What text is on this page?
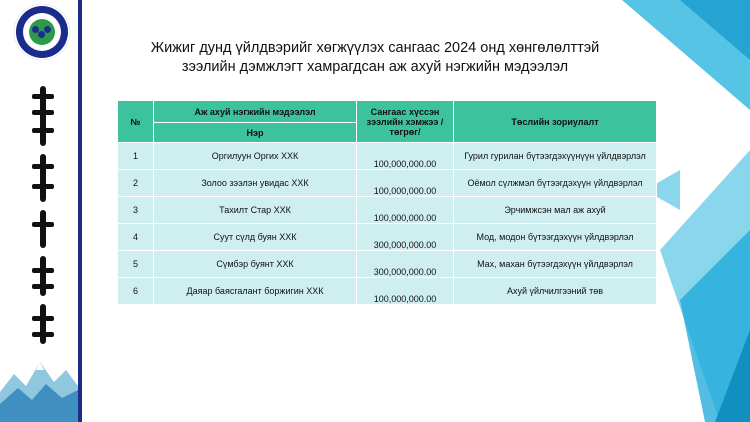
Жижиг дунд үйлдвэрийг хөгжүүлэх сангаас 2024 онд хөнгөлөлттэй
зээлийн дэмжлэгт хамрагдсан аж ахуй нэгжийн мэдээлэл
№	Аж ахуй нэгжийн мэдээлэл	Сангаас хүссэн зээлийн хэмжээ /төгрөг/	Төслийн зориулалт
	Нэр		
1	Оргилуун Оргих ХХК	100,000,000.00	Гурил гурилан бүтээгдэхүүнүүн үйлдвэрлэл
2	Золоо зээлэн увидас ХХК	100,000,000.00	Оёмол сүлжмэл бүтээгдэхүүн үйлдвэрлэл
3	Тахилт Стар ХХК	100,000,000.00	Эрчимжсэн мал аж ахуй
4	Суут сүлд буян ХХК	300,000,000.00	Мод, модон бүтээгдэхүүн үйлдвэрлэл
5	Сүмбэр буянт ХХК	300,000,000.00	Мах, махан бүтээгдэхүүн үйлдвэрлэл
6	Даяар баясгалант боржигин ХХК	100,000,000.00	Ахуй үйлчилгээний төв
